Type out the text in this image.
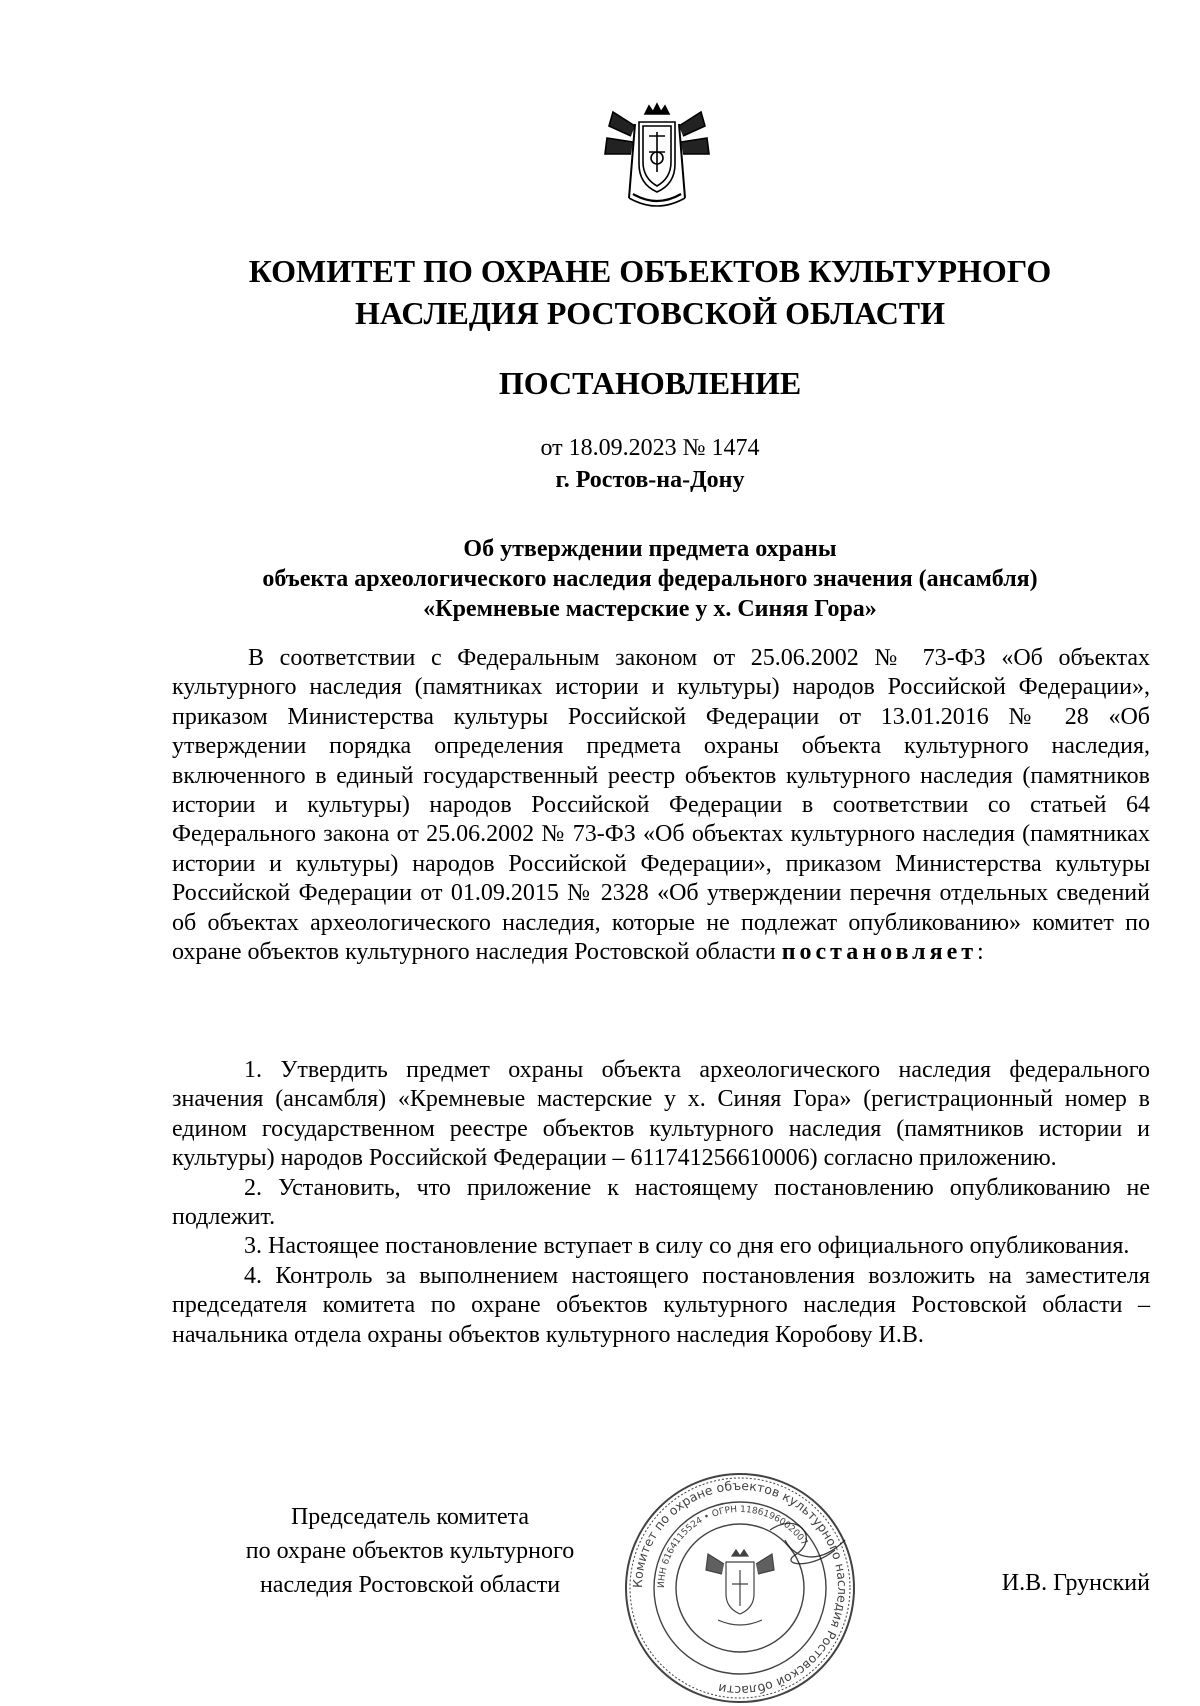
КОМИТЕТ ПО ОХРАНЕ ОБЪЕКТОВ КУЛЬТУРНОГО
НАСЛЕДИЯ РОСТОВСКОЙ ОБЛАСТИ
ПОСТАНОВЛЕНИЕ
от 18.09.2023 № 1474
г. Ростов-на-Дону
Об утверждении предмета охраны
объекта археологического наследия федерального значения (ансамбля)
«Кремневые мастерские у х. Синяя Гора»

В соответствии с Федеральным законом от 25.06.2002 № 73-ФЗ «Об объектах культурного наследия (памятниках истории и культуры) народов Российской Федерации», приказом Министерства культуры Российской Федерации от 13.01.2016 № 28 «Об утверждении порядка определения предмета охраны объекта культурного наследия, включенного в единый государственный реестр объектов культурного наследия (памятников истории и культуры) народов Российской Федерации в соответствии со статьей 64 Федерального закона от 25.06.2002 № 73-ФЗ «Об объектах культурного наследия (памятниках истории и культуры) народов Российской Федерации», приказом Министерства культуры Российской Федерации от 01.09.2015 № 2328 «Об утверждении перечня отдельных сведений об объектах археологического наследия, которые не подлежат опубликованию» комитет по охране объектов культурного наследия Ростовской области постановляет:

1. Утвердить предмет охраны объекта археологического наследия федерального значения (ансамбля) «Кремневые мастерские у х. Синяя Гора» (регистрационный номер в едином государственном реестре объектов культурного наследия (памятников истории и культуры) народов Российской Федерации – 611741256610006) согласно приложению.

2. Установить, что приложение к настоящему постановлению опубликованию не подлежит.

3. Настоящее постановление вступает в силу со дня его официального опубликования.

4. Контроль за выполнением настоящего постановления возложить на заместителя председателя комитета по охране объектов культурного наследия Ростовской области – начальника отдела охраны объектов культурного наследия Коробову И.В.

Председатель комитета
по охране объектов культурного
наследия Ростовской области	Комитет по охране объектов культурного наследия Ростовской области
ИНН 6164115524 • ОГРН 1186196002007
И.В. Грунский
